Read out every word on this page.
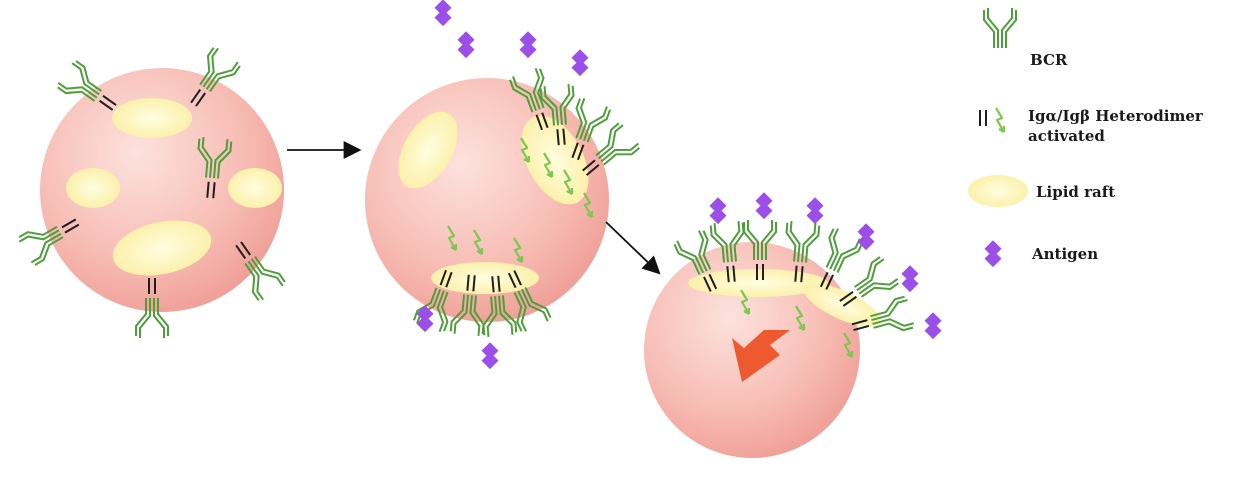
BCR
Igα/Igβ Heterodimer
activated
Lipid raft
Antigen
